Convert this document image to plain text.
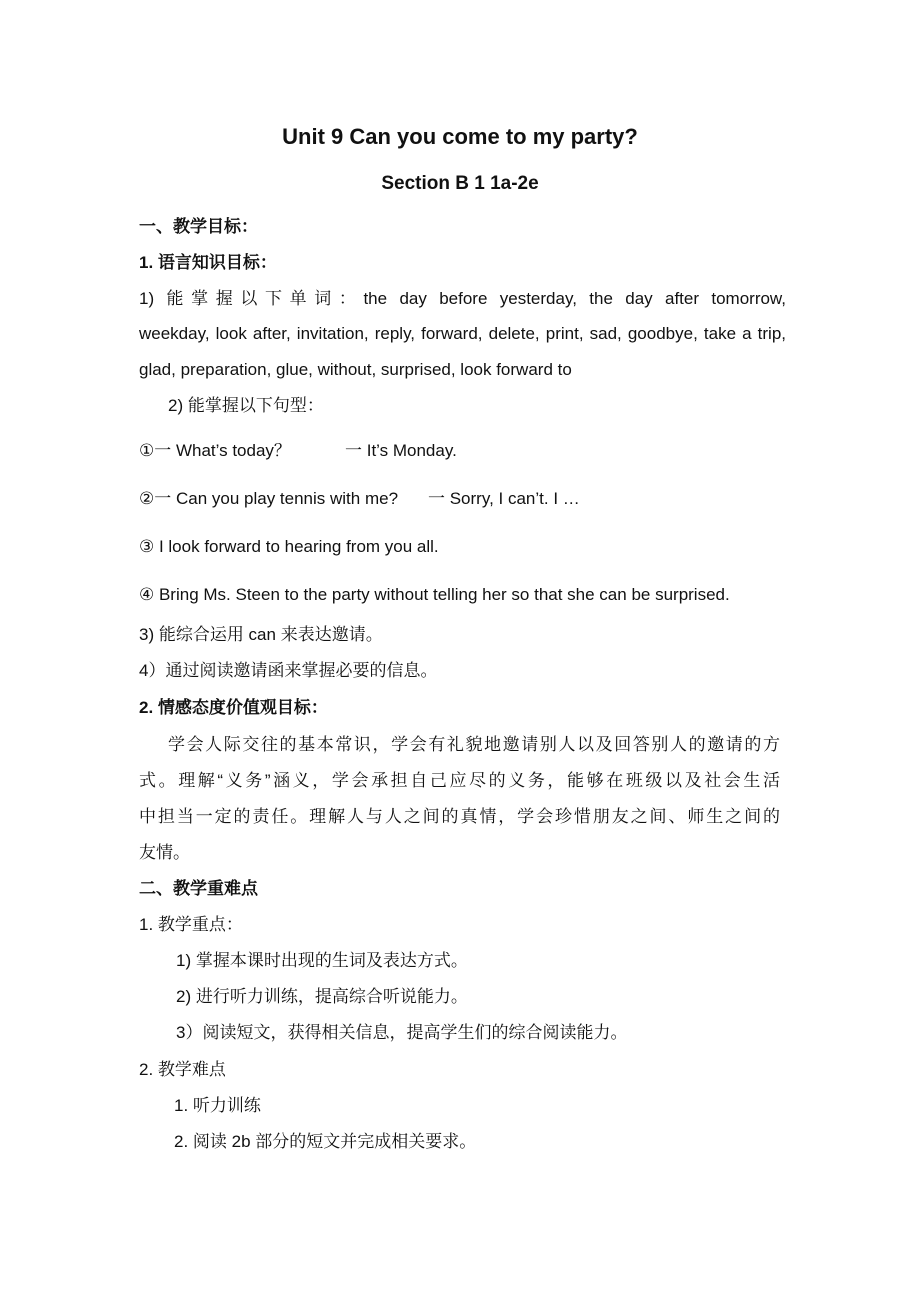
Unit 9 Can you come to my party?
Section B 1 1a-2e
一、教学目标：
1. 语言知识目标：
1) 能掌握以下单词：the day before yesterday, the day after tomorrow,
weekday, look after, invitation, reply, forward, delete, print, sad, goodbye, take a trip,
glad, preparation, glue, without, surprised, look forward to
2) 能掌握以下句型：
①一 What’s today？	一 It’s Monday.
②一 Can you play tennis with me? 一 Sorry, I can’t. I …
③ I look forward to hearing from you all.
④ Bring Ms. Steen to the party without telling her so that she can be surprised.
3) 能综合运用 can 来表达邀请。
4）通过阅读邀请函来掌握必要的信息。
2. 情感态度价值观目标：
学会人际交往的基本常识，学会有礼貌地邀请别人以及回答别人的邀请的方
式。理解“义务”涵义，学会承担自己应尽的义务，能够在班级以及社会生活
中担当一定的责任。理解人与人之间的真情，学会珍惜朋友之间、师生之间的
友情。
二、教学重难点
1. 教学重点：
1) 掌握本课时出现的生词及表达方式。
2) 进行听力训练，提高综合听说能力。
3）阅读短文，获得相关信息，提高学生们的综合阅读能力。
2. 教学难点
1. 听力训练
2. 阅读 2b 部分的短文并完成相关要求。
